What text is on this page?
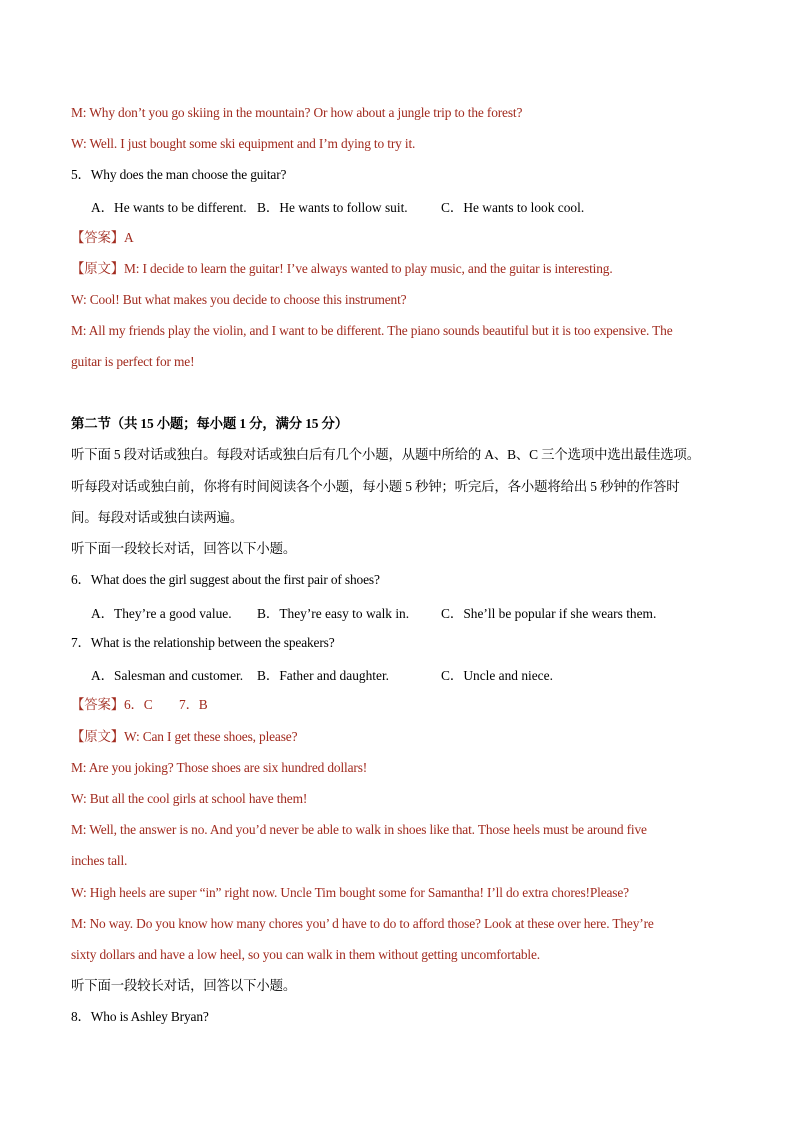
M: Why don’t you go skiing in the mountain? Or how about a jungle trip to the forest?
W: Well. I just bought some ski equipment and I’m dying to try it.
5．Why does the man choose the guitar?
A．He wants to be different. B．He wants to follow suit. C．He wants to look cool.
【答案】A
【原文】M: I decide to learn the guitar! I’ve always wanted to play music, and the guitar is interesting.
W: Cool! But what makes you decide to choose this instrument?
M: All my friends play the violin, and I want to be different. The piano sounds beautiful but it is too expensive. The
guitar is perfect for me!
第二节（共 15 小题；每小题 1 分，满分 15 分）
听下面 5 段对话或独白。每段对话或独白后有几个小题，从题中所给的 A、B、C 三个选项中选出最佳选项。
听每段对话或独白前，你将有时间阅读各个小题，每小题 5 秒钟；听完后，各小题将给出 5 秒钟的作答时
间。每段对话或独白读两遍。
听下面一段较长对话，回答以下小题。
6．What does the girl suggest about the first pair of shoes?
A．They’re a good value. B．They’re easy to walk in. C．She’ll be popular if she wears them.
7．What is the relationship between the speakers?
A．Salesman and customer. B．Father and daughter.	C．Uncle and niece.
【答案】6．C　　7．B
【原文】W: Can I get these shoes, please?
M: Are you joking? Those shoes are six hundred dollars!
W: But all the cool girls at school have them!
M: Well, the answer is no. And you’d never be able to walk in shoes like that. Those heels must be around five
inches tall.
W: High heels are super “in” right now. Uncle Tim bought some for Samantha! I’ll do extra chores!Please?
M: No way. Do you know how many chores you’ d have to do to afford those? Look at these over here. They’re
sixty dollars and have a low heel, so you can walk in them without getting uncomfortable.
听下面一段较长对话，回答以下小题。
8．Who is Ashley Bryan?
